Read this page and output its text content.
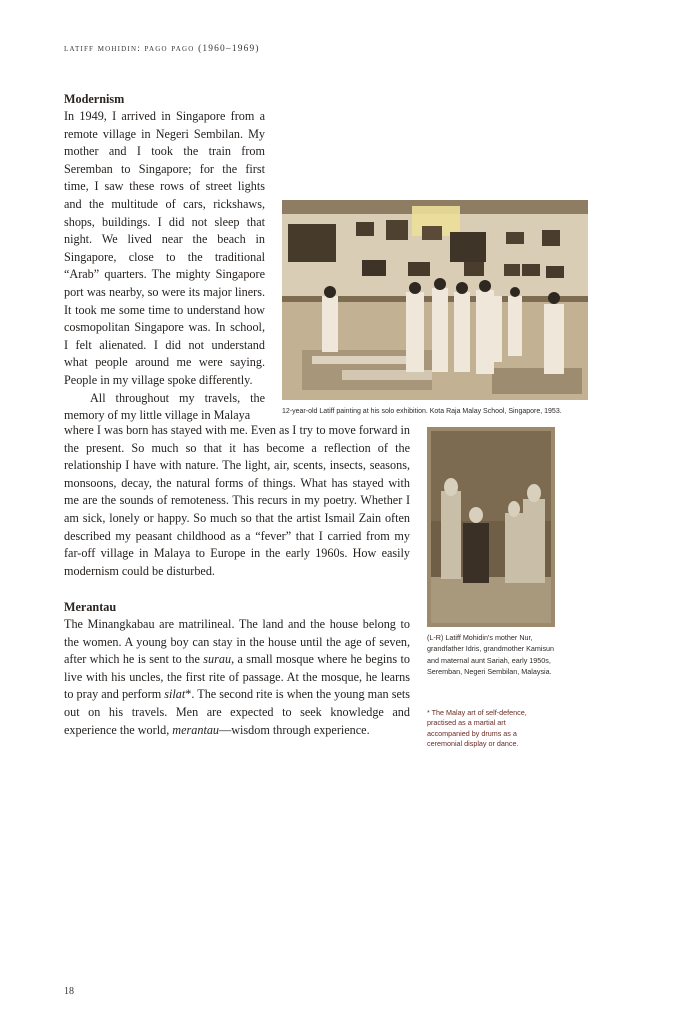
latiff mohidin: pago pago (1960–1969)
Modernism

In 1949, I arrived in Singapore from a remote village in Negeri Sembilan. My mother and I took the train from Seremban to Singapore; for the first time, I saw these rows of street lights and the multitude of cars, rickshaws, shops, buildings. I did not sleep that night. We lived near the beach in Singapore, close to the traditional “Arab” quarters. The mighty Singapore port was nearby, so were its major liners. It took me some time to understand how cosmopolitan Singapore was. In school, I felt alienated. I did not understand what people around me were saying. People in my village spoke differently.

All throughout my travels, the memory of my little village in Malaya

where I was born has stayed with me. Even as I try to move forward in the present. So much so that it has become a reflection of the relationship I have with nature. The light, air, scents, insects, seasons, monsoons, decay, the natural forms of things. What has stayed with me are the sounds of remoteness. This recurs in my poetry. Whether I am sick, lonely or happy. So much so that the artist Ismail Zain often described my peasant childhood as a “fever” that I carried from my far-off village in Malaya to Europe in the early 1960s. How easily modernism could be disturbed.

12-year-old Latiff painting at his solo exhibition. Kota Raja Malay School, Singapore, 1953.
(L-R) Latiff Mohidin's mother Nur, grandfather Idris, grandmother Kamisun and maternal aunt Sariah, early 1950s, Seremban, Negeri Sembilan, Malaysia.
Merantau

The Minangkabau are matrilineal. The land and the house belong to the women. A young boy can stay in the house until the age of seven, after which he is sent to the surau, a small mosque where he begins to live with his uncles, the first rite of passage. At the mosque, he learns to pray and perform silat*. The second rite is when the young man sets out on his travels. Men are expected to seek knowledge and experience the world, merantau—wisdom through experience.

* The Malay art of self-defence, practised as a martial art accompanied by drums as a ceremonial display or dance.
18
